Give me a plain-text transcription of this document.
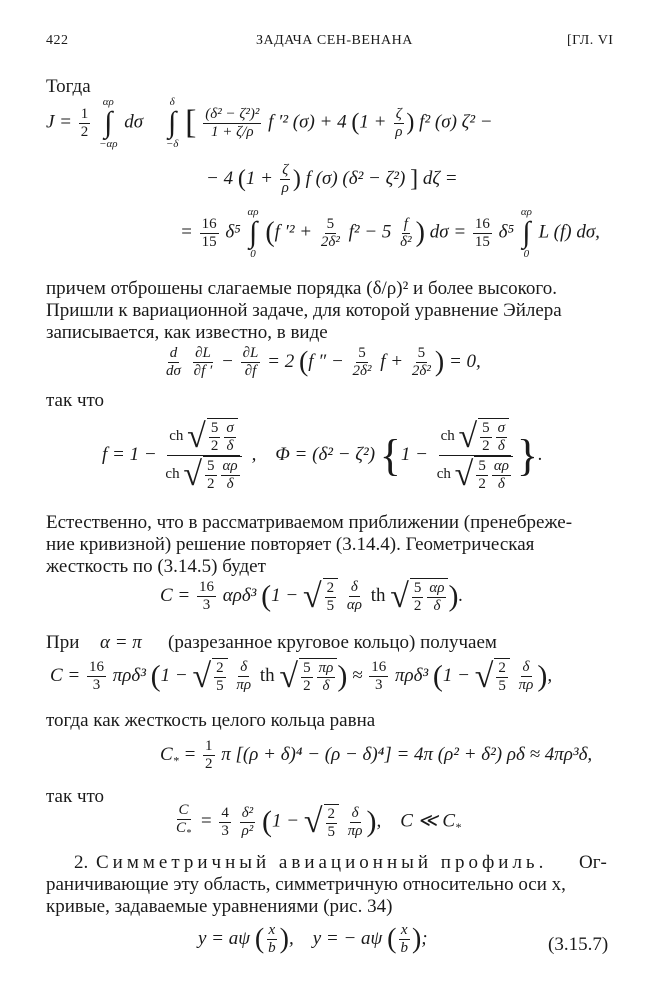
422	ЗАДАЧА СЕН-ВЕНАНА	[ГЛ. VI
Тогда
$J = \frac{1}{2}$

αρ
∫
−αρ
dσ
δ
∫
−δ
[ $\frac{\text{(δ² − ζ²)²}}{1 + \zeta/\rho}$ f ′² (σ) + 4 ($1 + \frac{\zeta}{\rho}$ ) f² (σ) ζ² −
− 4 ($1 + \frac{\zeta}{\rho}$ ) f (σ) (δ² − ζ²) ] dζ =
= $\frac{16}{15} \delta^5$
αρ
∫
0
(f $'^2 + \frac{5}{\text{2δ²}} f^2 - 5 \frac{f}{\text{δ²}}$ ) $d\sigma = \frac{16}{15} \delta^5$
αρ
∫
0
L (f) dσ,
причем отброшены слагаемые порядка (δ/ρ)² и более высокого.
Пришли к вариационной задаче, для которой уравнение Эйлера
записывается, как известно, в виде
$\frac{d}{d\sigma}$
$\frac{\partial L}{\partial f '} - \frac{\partial L}{\partial f} = 2$ (f ″ − $\frac{5}{\text{2δ²}}$ $f + \frac{5}{\text{2δ²}}$ ) = 0,
так что
$f = 1 - \frac{ch √ \frac{5}{2} \frac{\sigma}{\delta}}{ch √ \frac{5}{2} \frac{\alpha\rho}{\delta}}$ ,    Φ = (δ² − ζ²) {$1 - \frac{ch √ \frac{5}{2} \frac{\sigma}{\delta}}{ch √ \frac{5}{2} \frac{\alpha\rho}{\delta}}$ }.
Естественно, что в рассматриваемом приближении (пренебреже-
ние кривизной) решение повторяет (3.14.4). Геометрическая
жесткость по (3.14.5) будет
$C = \frac{16}{3} \alpha\rho\delta^3$ (1 − √ $\frac{2}{5}$
$\frac{\delta}{\alpha\rho}$ th √ $\frac{5}{2} \frac{\alpha\rho}{\delta}$ ).
При α = π (разрезанное круговое кольцо) получаем
$C = \frac{16}{3} \pi\rho\delta^3$ (1 − √ $\frac{2}{5}$
$\frac{\delta}{\pi\rho}$ th √ $\frac{5}{2} \frac{\pi\rho}{\delta}$ ) ≈ $\frac{16}{3} \pi\rho\delta^3$ (1 − √ $\frac{2}{5}$
$\frac{\delta}{\pi\rho}$ ),
тогда как жесткость целого кольца равна
$C_* = \frac{1}{2}$ π [(ρ + δ)⁴ − (ρ − δ)⁴] = 4π (ρ² + δ²) ρδ ≈ 4πρ³δ,
так что
$\frac{C}{C_*} = \frac{4}{3}$
$\frac{\text{δ²}}{\text{ρ²}} (1$ − √ $\frac{2}{5}$
$\frac{\delta}{\pi\rho}$ ),    C ≪ $C_*$
2. Симметричный авиационный профиль. Ог-
раничивающие эту область, симметричную относительно оси x,
кривые, задаваемые уравнениями (рис. 34)
y = aψ ( $\frac{x}{b}$ ),    y = − aψ ( $\frac{x}{b}$ );	(3.15.7)
